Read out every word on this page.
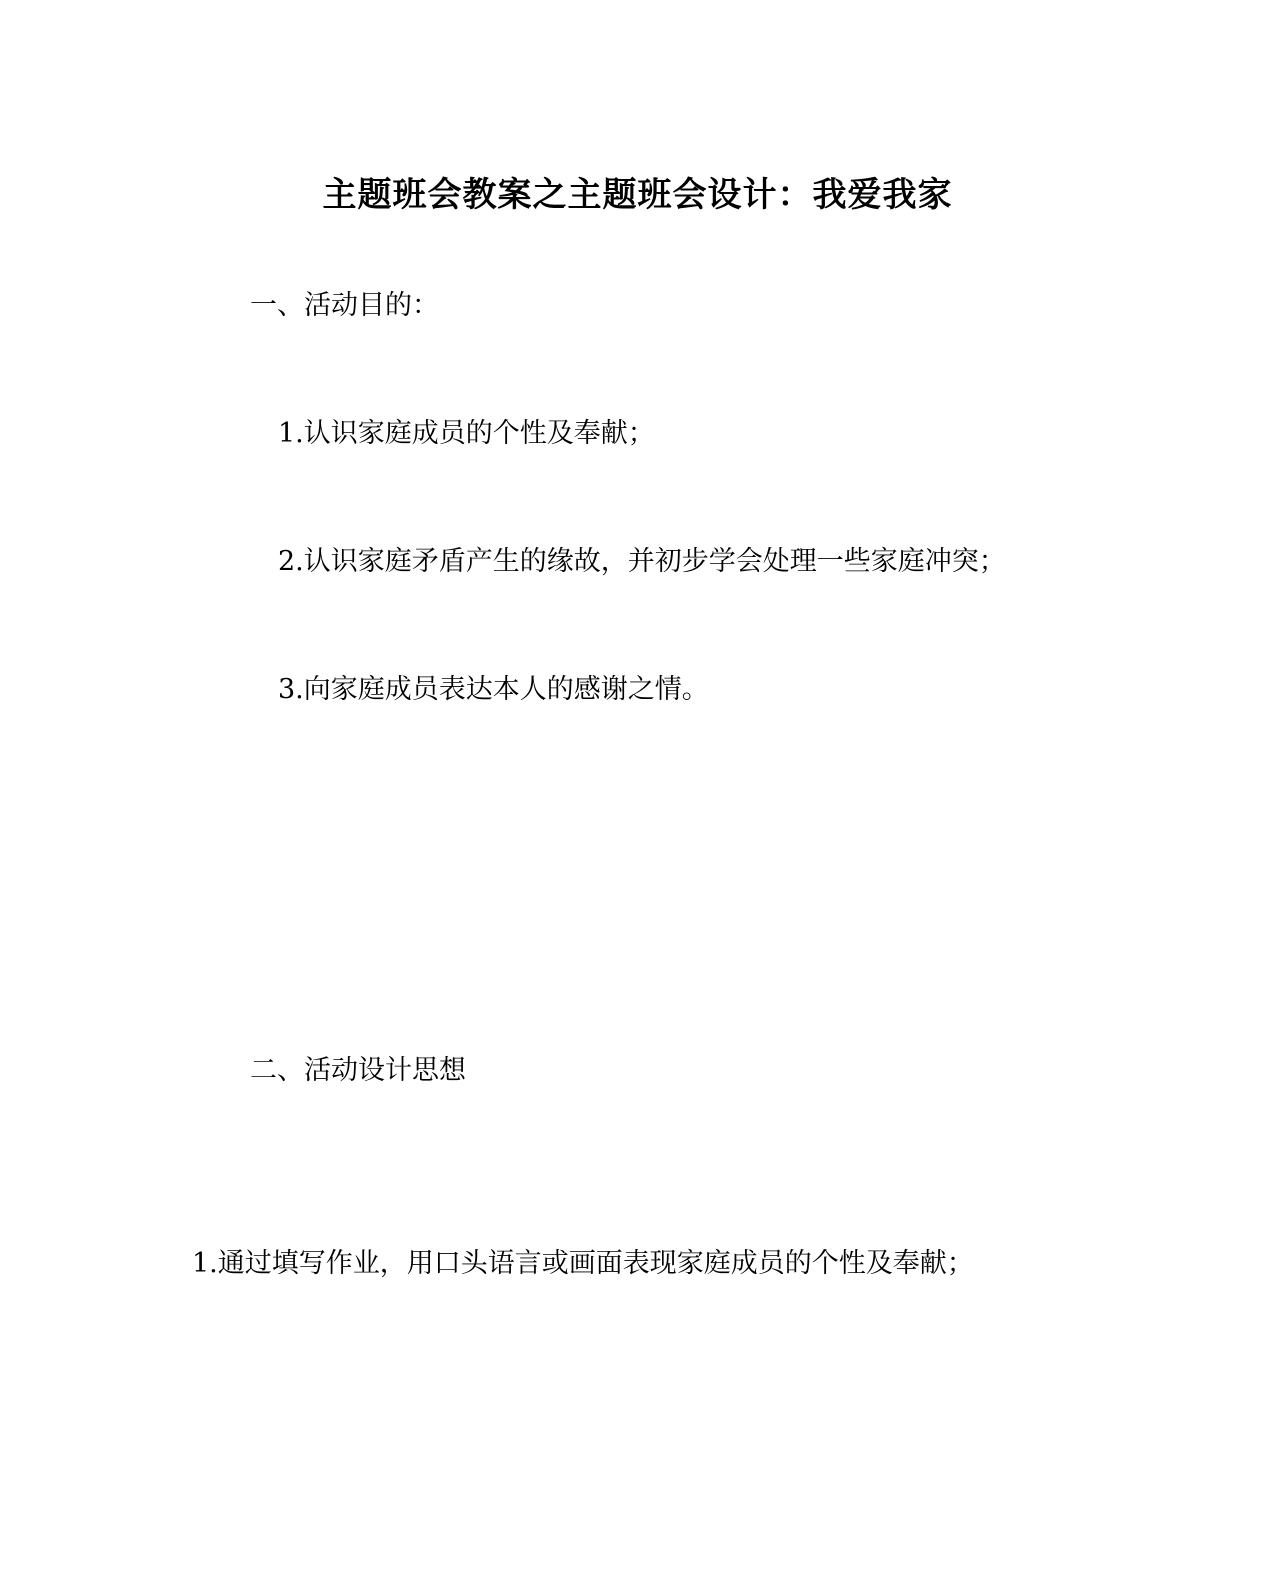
主题班会教案之主题班会设计：我爱我家
一、活动目的：
1.认识家庭成员的个性及奉献；
2.认识家庭矛盾产生的缘故，并初步学会处理一些家庭冲突；
3.向家庭成员表达本人的感谢之情。
二、活动设计思想
1.通过填写作业，用口头语言或画面表现家庭成员的个性及奉献；
